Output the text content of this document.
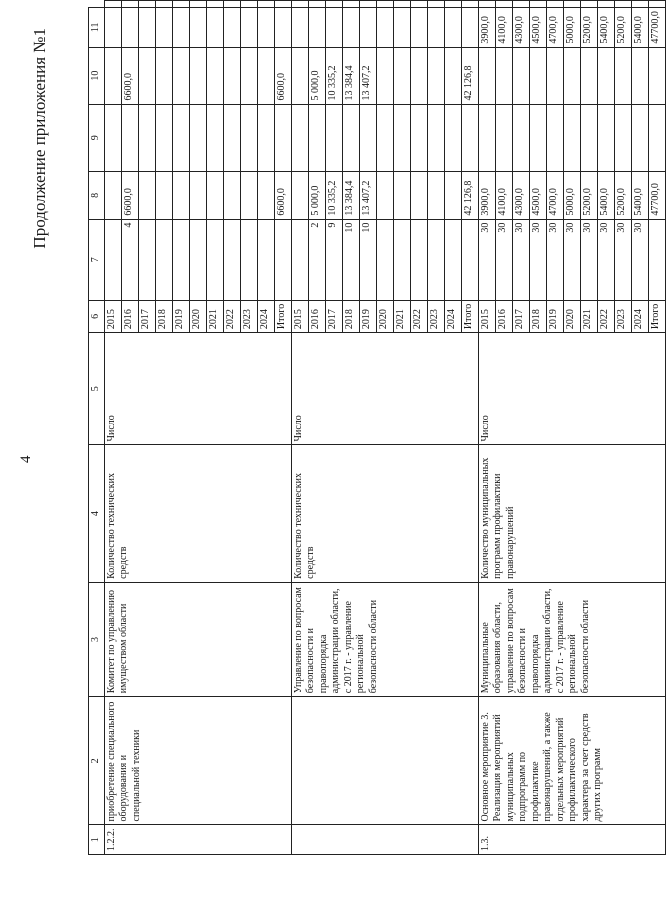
4
Продолжение приложения №1
1	2	3	4	5	6	7	8	9	10	11	
1.2.2.	приобретение специального оборудования и специальной техники	Комитет по управлению имуществом области	Количество технических средств	Число	2015						
					2016	4	6600,0		6600,0		
					2017						
					2018						
					2019						
					2020						
					2021						
					2022						
					2023						
					2024						
					Итого		6600,0		6600,0		
		Управление по вопросам безопасности и правопорядка администрации области, с 2017 г. - управление региональной безопасности области	Количество технических средств	Число	2015						
					2016	2	5 000,0		5 000,0		
					2017	9	10 335,2		10 335,2		
					2018	10	13 384,4		13 384,4		
					2019	10	13 407,2		13 407,2		
					2020						
					2021						
					2022						
					2023						
					2024						
					Итого		42 126,8		42 126,8		
1.3.	Основное мероприятие 3. Реализация мероприятий муниципальных подпрограмм по профилактике правонарушений, а также отдельных мероприятий профилактического характера за счет средств других программ	Муниципальные образования области, управление по вопросам безопасности и правопорядка администрации области, с 2017 г. - управление региональной безопасности области	Количество муниципальных программ профилактики правонарушений	Число	2015	30	3900,0			3900,0	
					2016	30	4100,0			4100,0	
					2017	30	4300,0			4300,0	
					2018	30	4500,0			4500,0	
					2019	30	4700,0			4700,0	
					2020	30	5000,0			5000,0	
					2021	30	5200,0			5200,0	
					2022	30	5400,0			5400,0	
					2023	30	5200,0			5200,0	
					2024	30	5400,0			5400,0	
					Итого		47700,0			47700,0	
